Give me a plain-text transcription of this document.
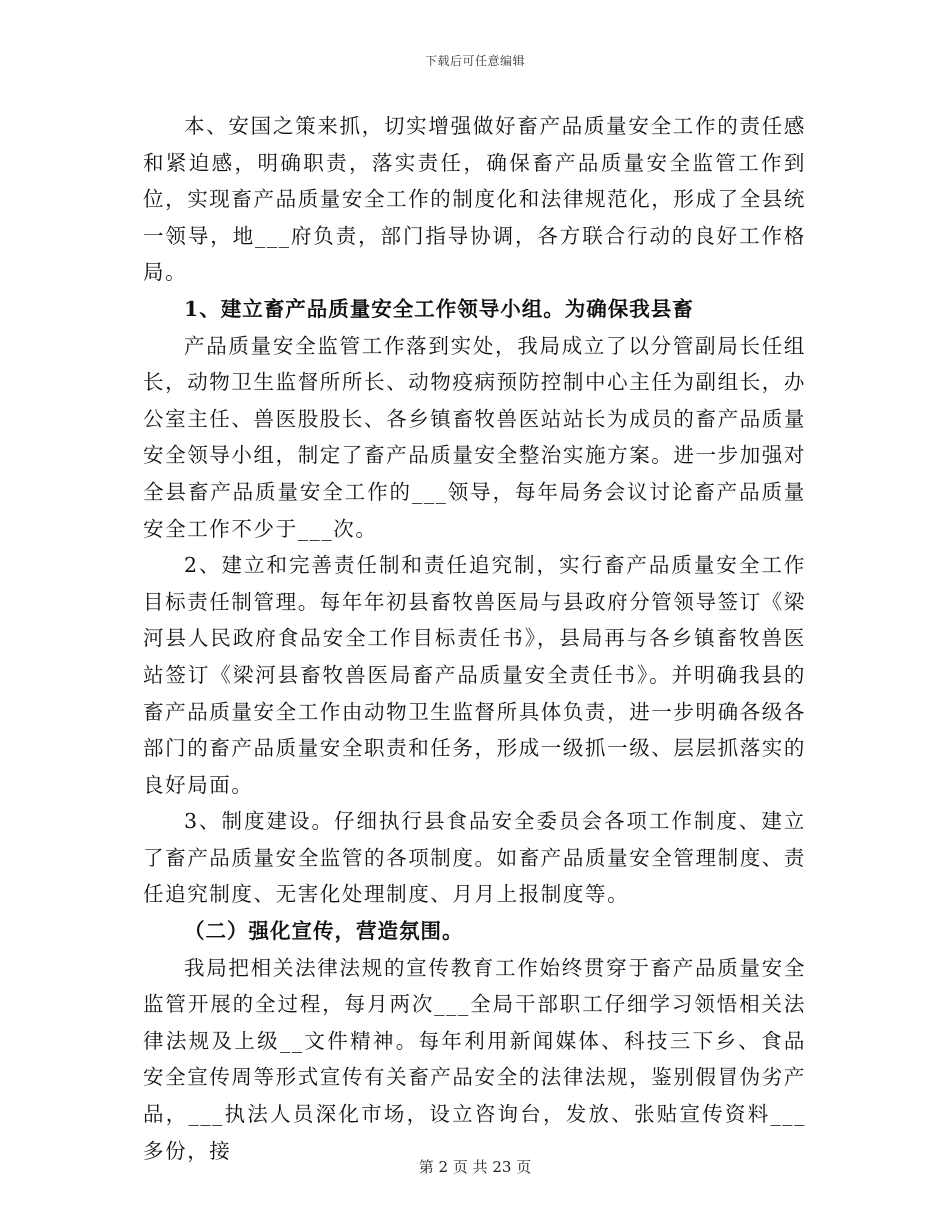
下载后可任意编辑

本、安国之策来抓，切实增强做好畜产品质量安全工作的责任感和紧迫感，明确职责，落实责任，确保畜产品质量安全监管工作到位，实现畜产品质量安全工作的制度化和法律规范化，形成了全县统一领导，地___府负责，部门指导协调，各方联合行动的良好工作格局。

1、建立畜产品质量安全工作领导小组。为确保我县畜

产品质量安全监管工作落到实处，我局成立了以分管副局长任组长，动物卫生监督所所长、动物疫病预防控制中心主任为副组长，办公室主任、兽医股股长、各乡镇畜牧兽医站站长为成员的畜产品质量安全领导小组，制定了畜产品质量安全整治实施方案。进一步加强对全县畜产品质量安全工作的___领导，每年局务会议讨论畜产品质量安全工作不少于___次。

2、建立和完善责任制和责任追究制，实行畜产品质量安全工作目标责任制管理。每年年初县畜牧兽医局与县政府分管领导签订《梁河县人民政府食品安全工作目标责任书》，县局再与各乡镇畜牧兽医站签订《梁河县畜牧兽医局畜产品质量安全责任书》。并明确我县的畜产品质量安全工作由动物卫生监督所具体负责，进一步明确各级各部门的畜产品质量安全职责和任务，形成一级抓一级、层层抓落实的良好局面。

3、制度建设。仔细执行县食品安全委员会各项工作制度、建立了畜产品质量安全监管的各项制度。如畜产品质量安全管理制度、责任追究制度、无害化处理制度、月月上报制度等。

（二）强化宣传，营造氛围。

我局把相关法律法规的宣传教育工作始终贯穿于畜产品质量安全监管开展的全过程，每月两次___全局干部职工仔细学习领悟相关法律法规及上级__文件精神。每年利用新闻媒体、科技三下乡、食品安全宣传周等形式宣传有关畜产品安全的法律法规，鉴别假冒伪劣产品，___执法人员深化市场，设立咨询台，发放、张贴宣传资料___多份，接

第 2 页 共 23 页
